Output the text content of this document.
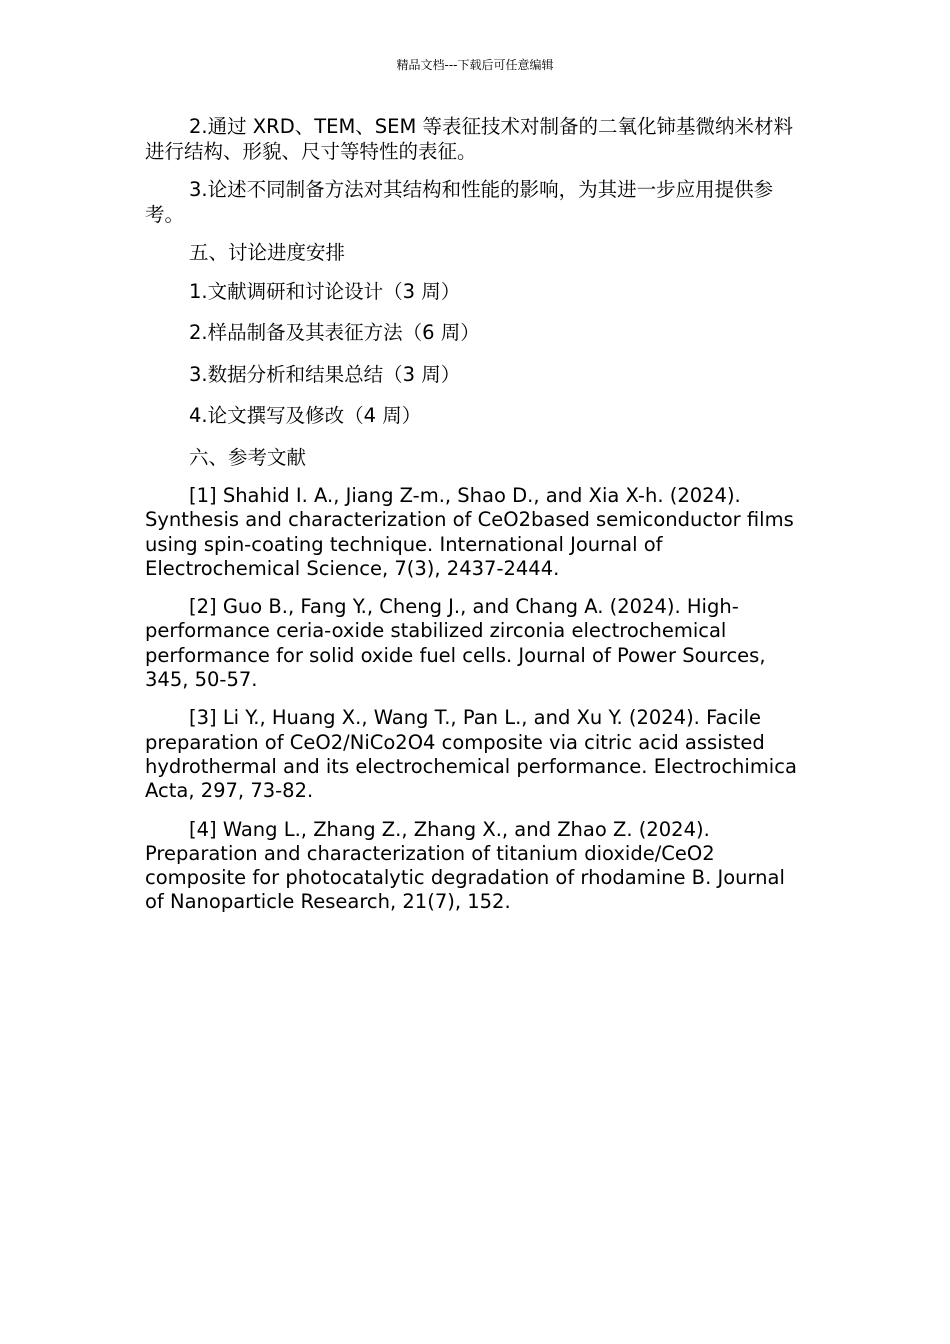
精品文档---下载后可任意编辑

2.通过 XRD、TEM、SEM 等表征技术对制备的二氧化铈基微纳米材料进行结构、形貌、尺寸等特性的表征。

3.论述不同制备方法对其结构和性能的影响，为其进一步应用提供参考。

五、讨论进度安排

1.文献调研和讨论设计（3 周）

2.样品制备及其表征方法（6 周）

3.数据分析和结果总结（3 周）

4.论文撰写及修改（4 周）

六、参考文献

[1] Shahid I. A., Jiang Z-m., Shao D., and Xia X-h. (2024). Synthesis and characterization of CeO2based semiconductor films using spin-coating technique. International Journal of Electrochemical Science, 7(3), 2437-2444.

[2] Guo B., Fang Y., Cheng J., and Chang A. (2024). High-performance ceria-oxide stabilized zirconia electrochemical performance for solid oxide fuel cells. Journal of Power Sources, 345, 50-57.

[3] Li Y., Huang X., Wang T., Pan L., and Xu Y. (2024). Facile preparation of CeO2/NiCo2O4 composite via citric acid assisted hydrothermal and its electrochemical performance. Electrochimica Acta, 297, 73-82.

[4] Wang L., Zhang Z., Zhang X., and Zhao Z. (2024). Preparation and characterization of titanium dioxide/CeO2 composite for photocatalytic degradation of rhodamine B. Journal of Nanoparticle Research, 21(7), 152.
